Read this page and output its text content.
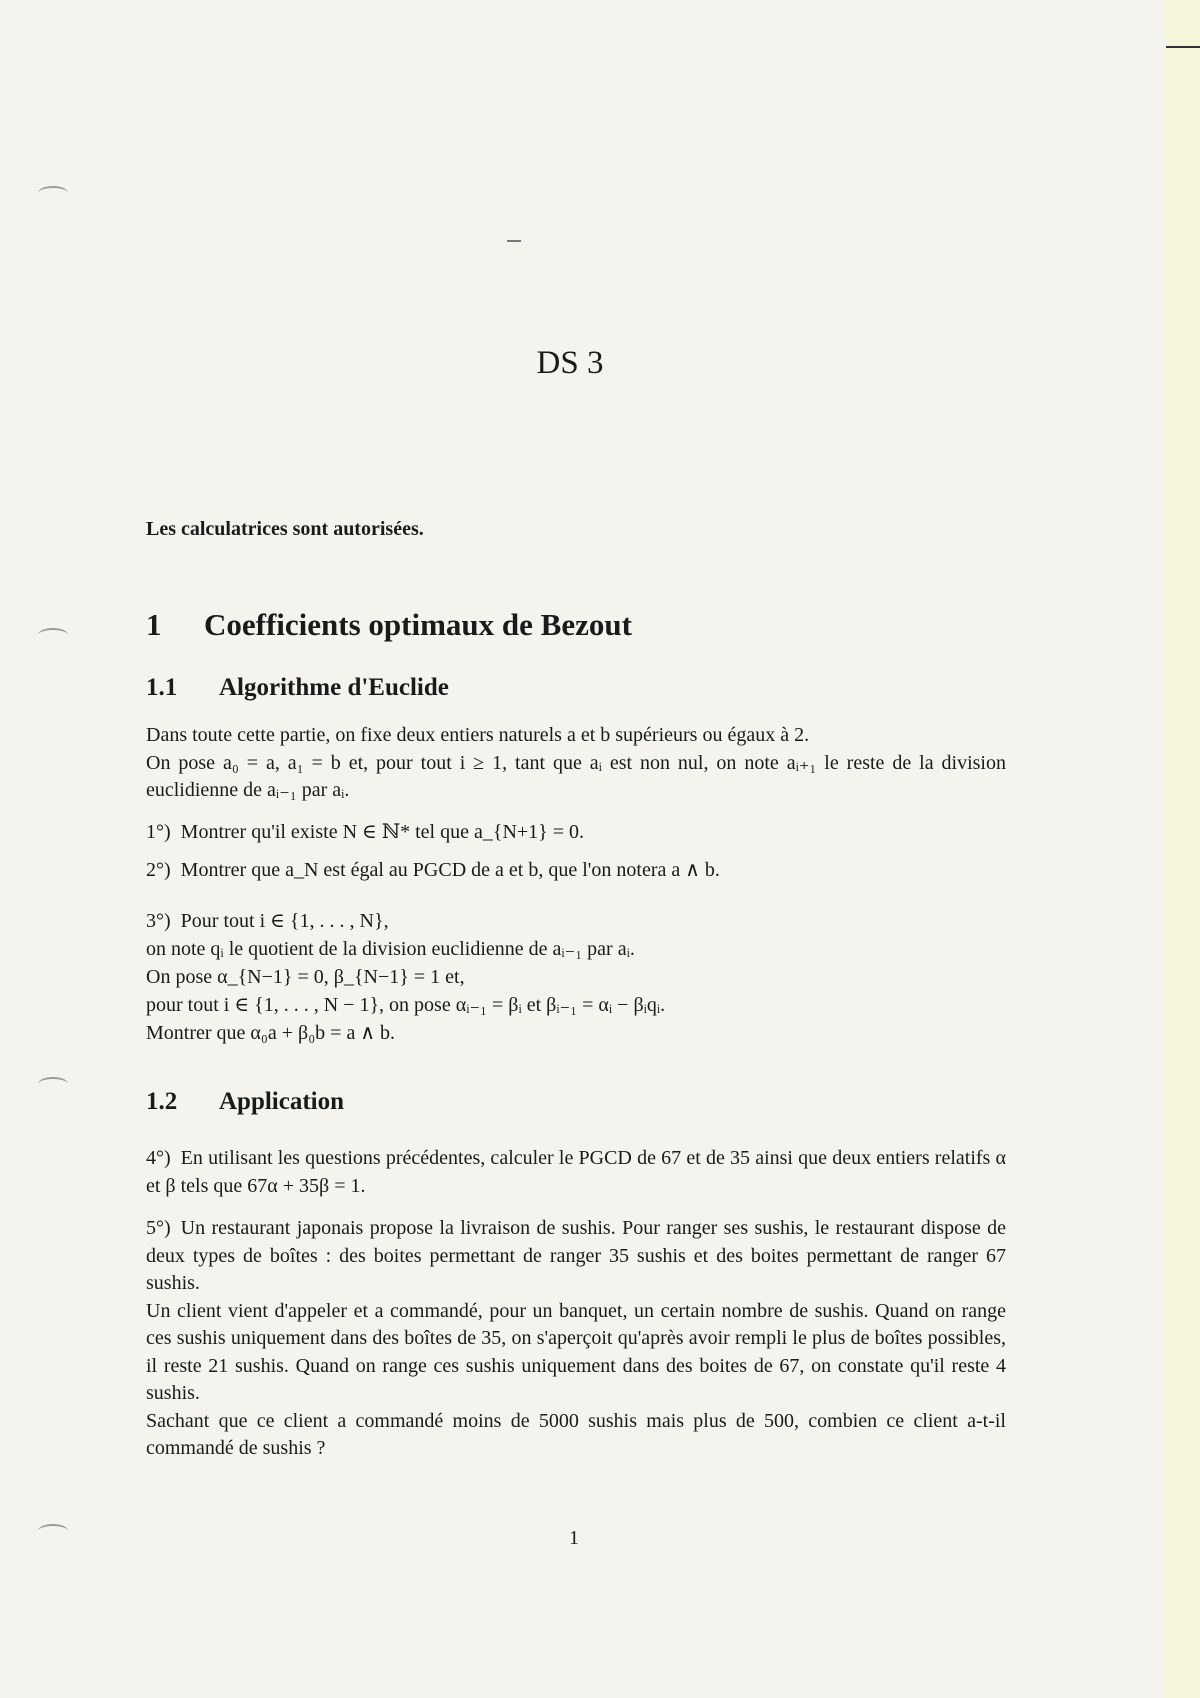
DS 3
Les calculatrices sont autorisées.
1 Coefficients optimaux de Bezout
1.1 Algorithme d'Euclide
Dans toute cette partie, on fixe deux entiers naturels a et b supérieurs ou égaux à 2.
On pose a₀ = a, a₁ = b et, pour tout i ≥ 1, tant que aᵢ est non nul, on note aᵢ₊₁ le reste de la division euclidienne de aᵢ₋₁ par aᵢ.
1°) Montrer qu'il existe N ∈ ℕ* tel que a_{N+1} = 0.
2°) Montrer que a_N est égal au PGCD de a et b, que l'on notera a ∧ b.
3°) Pour tout i ∈ {1, . . . , N},
on note qᵢ le quotient de la division euclidienne de aᵢ₋₁ par aᵢ.
On pose α_{N−1} = 0, β_{N−1} = 1 et,
pour tout i ∈ {1, . . . , N − 1}, on pose αᵢ₋₁ = βᵢ et βᵢ₋₁ = αᵢ − βᵢqᵢ.
Montrer que α₀a + β₀b = a ∧ b.
1.2 Application
4°) En utilisant les questions précédentes, calculer le PGCD de 67 et de 35 ainsi que deux entiers relatifs α et β tels que 67α + 35β = 1.
5°) Un restaurant japonais propose la livraison de sushis. Pour ranger ses sushis, le restaurant dispose de deux types de boîtes : des boites permettant de ranger 35 sushis et des boites permettant de ranger 67 sushis.
Un client vient d'appeler et a commandé, pour un banquet, un certain nombre de sushis. Quand on range ces sushis uniquement dans des boîtes de 35, on s'aperçoit qu'après avoir rempli le plus de boîtes possibles, il reste 21 sushis. Quand on range ces sushis uniquement dans des boites de 67, on constate qu'il reste 4 sushis.
Sachant que ce client a commandé moins de 5000 sushis mais plus de 500, combien ce client a-t-il commandé de sushis ?
1
